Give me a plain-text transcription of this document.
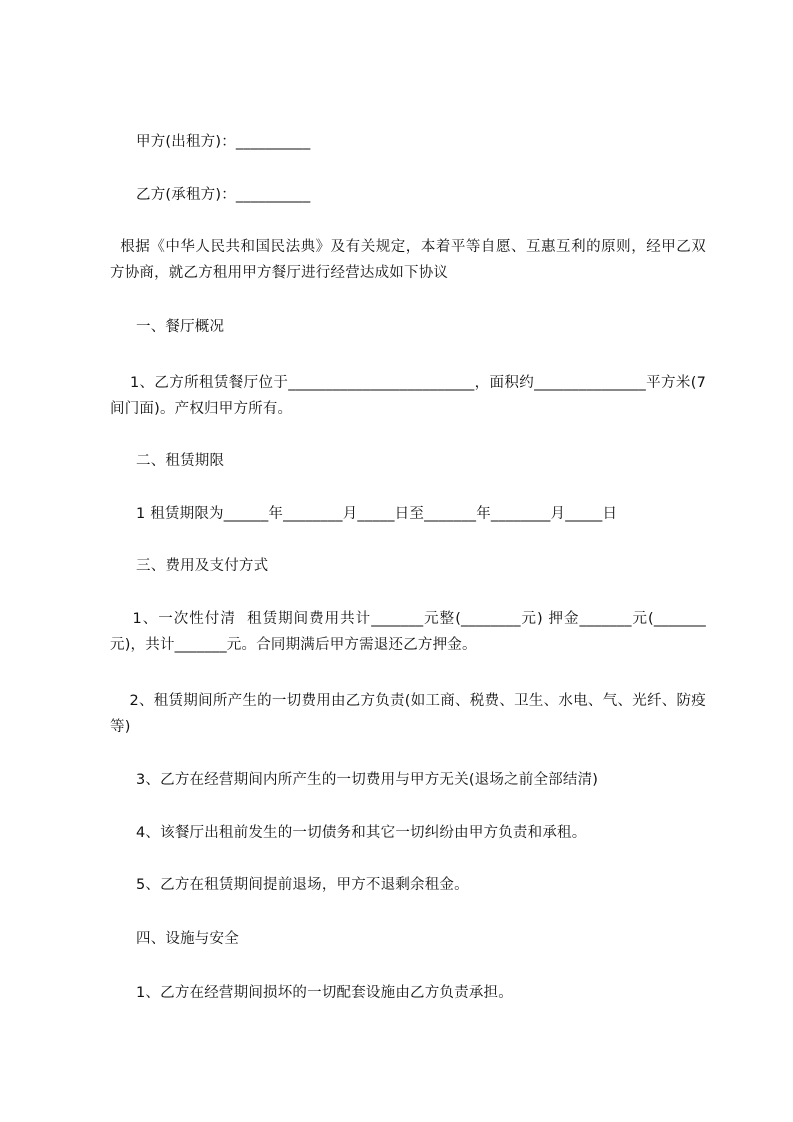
甲方(出租方)：__________
乙方(承租方)：__________
根据《中华人民共和国民法典》及有关规定，本着平等自愿、互惠互利的原则，经甲乙双方协商，就乙方租用甲方餐厅进行经营达成如下协议
一、餐厅概况
1、乙方所租赁餐厅位于_________________________，面积约_______________平方米(7 间门面)。产权归甲方所有。
二、租赁期限
1 租赁期限为______年________月_____日至_______年________月_____日
三、费用及支付方式
1、一次性付清  租赁期间费用共计_______元整(________元) 押金_______元(_______元)，共计_______元。合同期满后甲方需退还乙方押金。
2、租赁期间所产生的一切费用由乙方负责(如工商、税费、卫生、水电、气、光纤、防疫等)
3、乙方在经营期间内所产生的一切费用与甲方无关(退场之前全部结清)
4、该餐厅出租前发生的一切债务和其它一切纠纷由甲方负责和承租。
5、乙方在租赁期间提前退场，甲方不退剩余租金。
四、设施与安全
1、乙方在经营期间损坏的一切配套设施由乙方负责承担。
